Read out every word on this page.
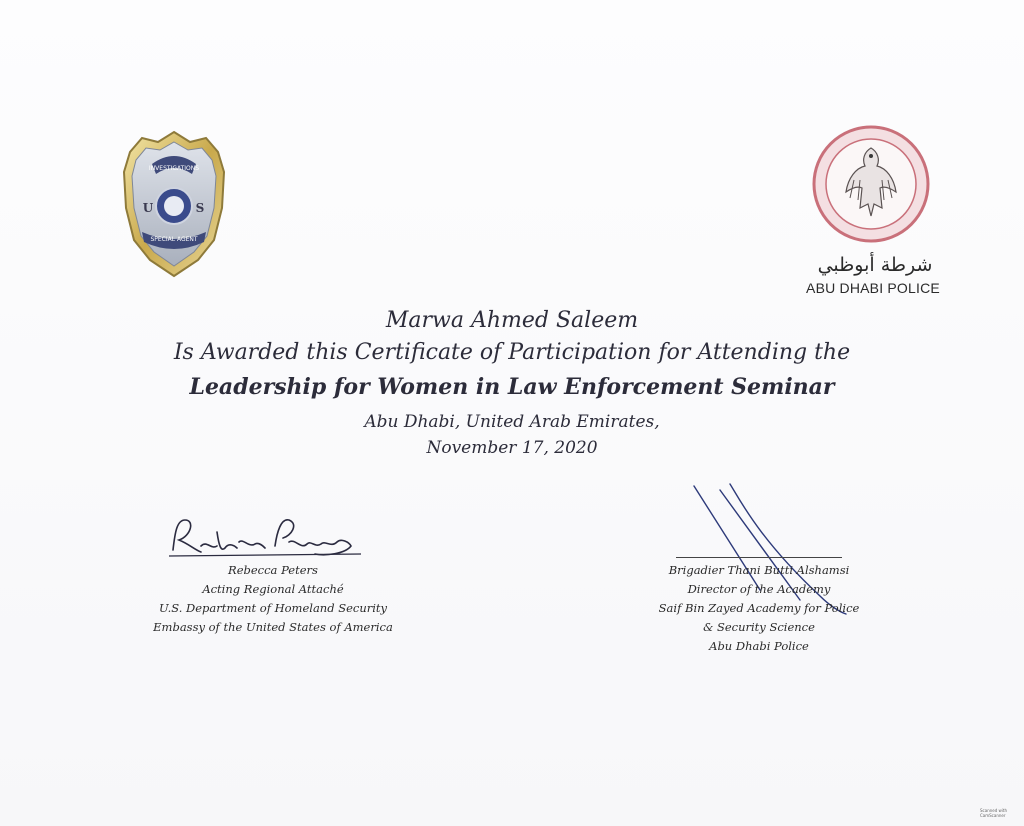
INVESTIGATIONS
U	S
SPECIAL AGENT
شرطة أبوظبي
ABU DHABI POLICE
Marwa Ahmed Saleem
Is Awarded this Certificate of Participation for Attending the
Leadership for Women in Law Enforcement Seminar
Abu Dhabi, United Arab Emirates,
November 17, 2020
Rebecca Peters
Acting Regional Attaché
U.S. Department of Homeland Security
Embassy of the United States of America
Brigadier Thani Butti Alshamsi
Director of the Academy
Saif Bin Zayed Academy for Police
& Security Science
Abu Dhabi Police
Scanned with
CamScanner
